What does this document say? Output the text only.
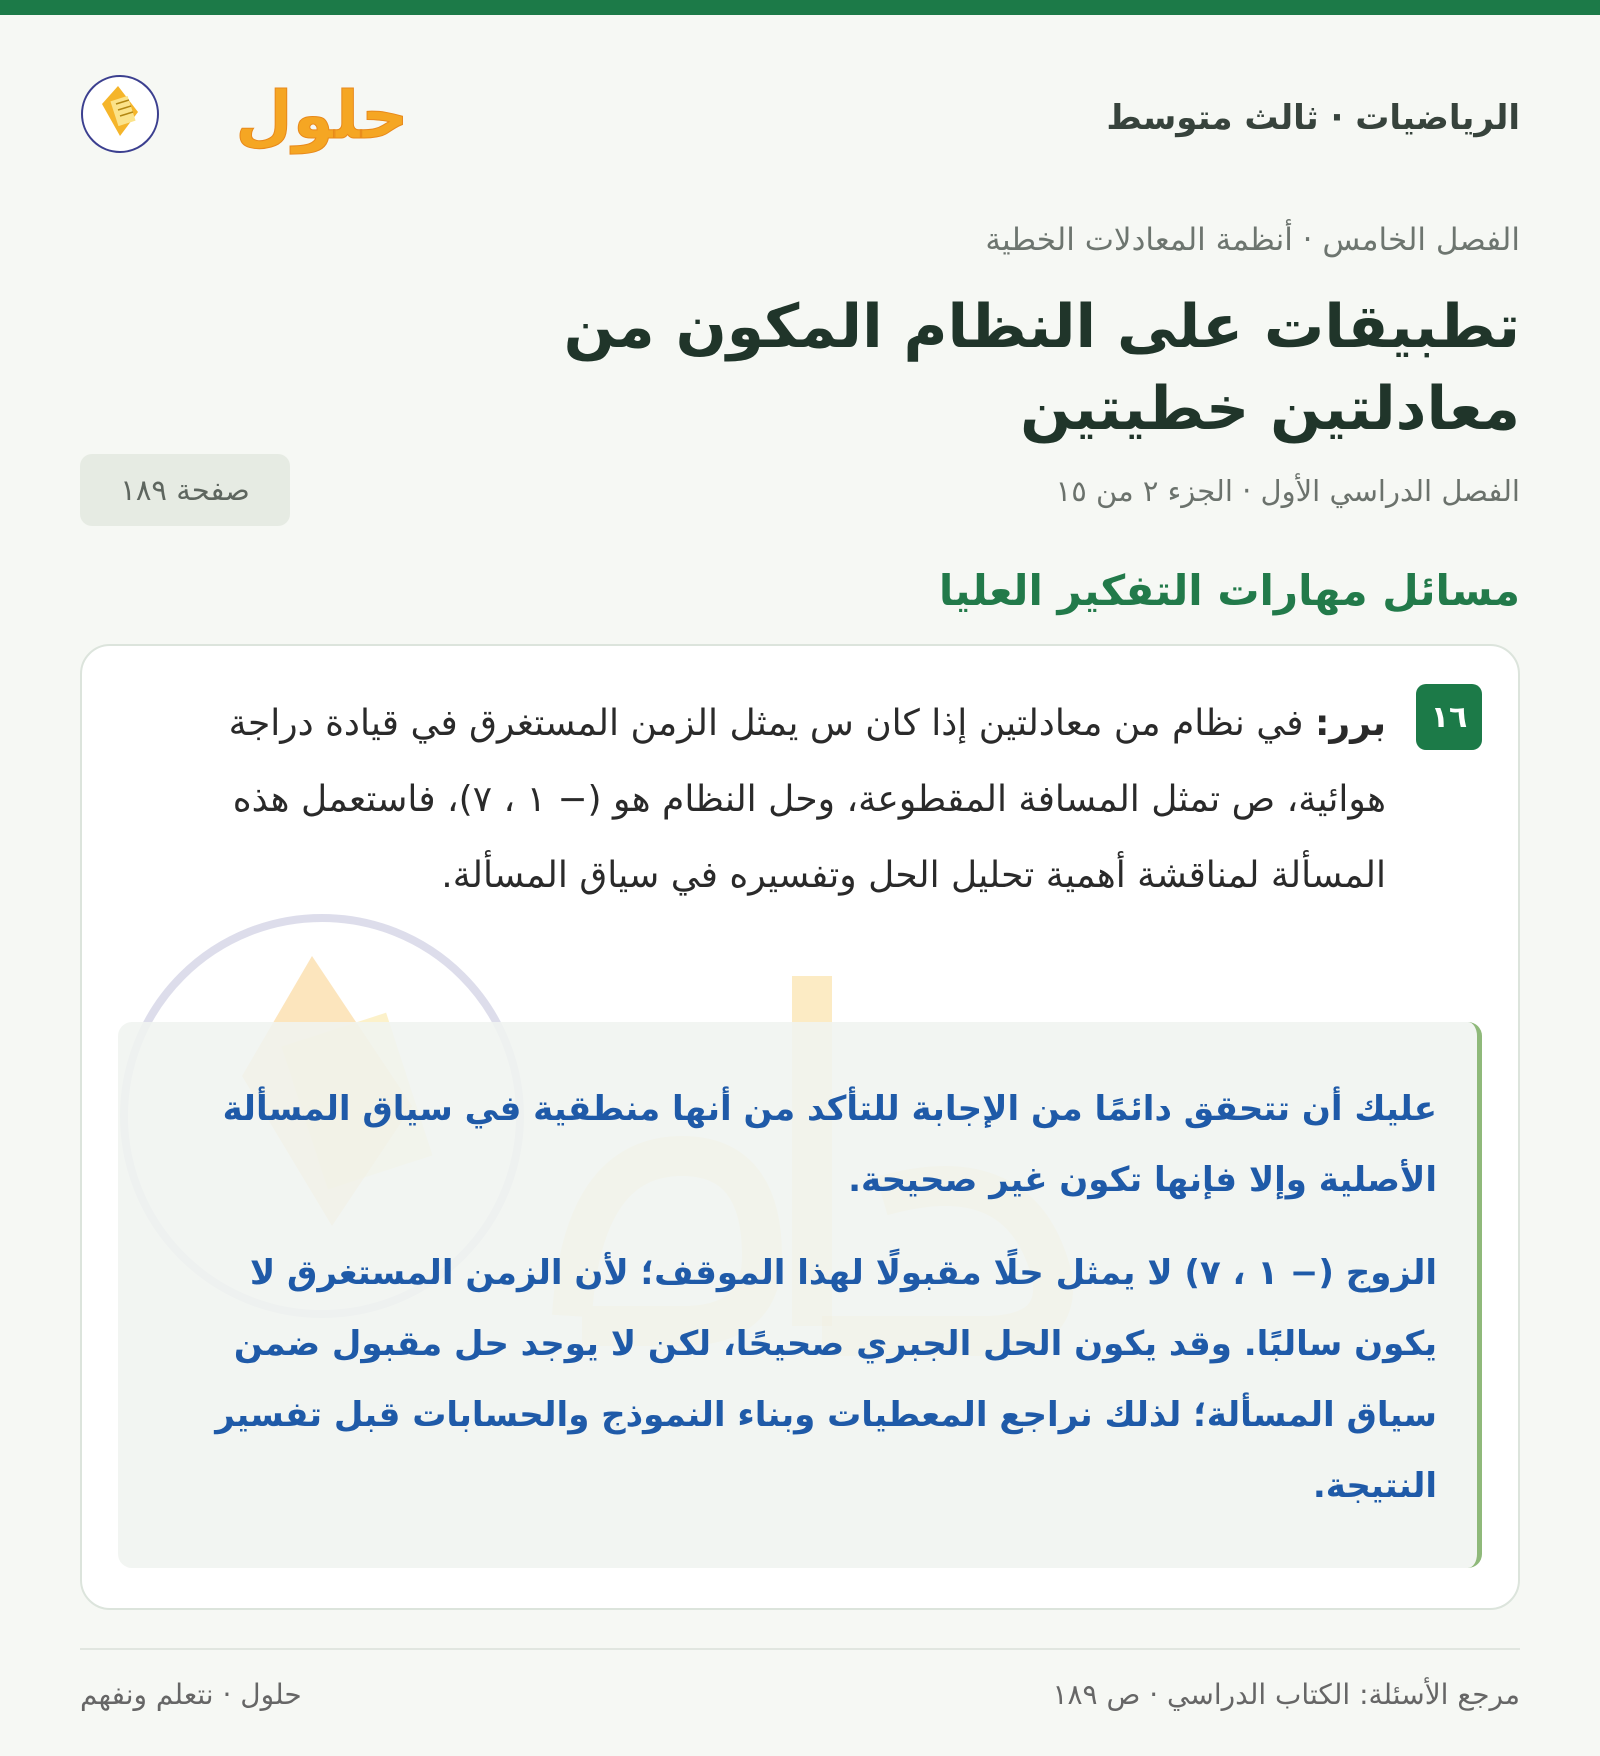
الرياضيات · ثالث متوسط
حلول
الفصل الخامس · أنظمة المعادلات الخطية
تطبيقات على النظام المكون من معادلتين خطيتين
الفصل الدراسي الأول · الجزء ٢ من ١٥
صفحة ١٨٩
مسائل مهارات التفكير العليا
١٦

برر: في نظام من معادلتين إذا كان س يمثل الزمن المستغرق في قيادة دراجة هوائية، ص تمثل المسافة المقطوعة، وحل النظام هو (− ١ ، ٧)، فاستعمل هذه المسألة لمناقشة أهمية تحليل الحل وتفسيره في سياق المسألة.

عليك أن تتحقق دائمًا من الإجابة للتأكد من أنها منطقية في سياق المسألة الأصلية وإلا فإنها تكون غير صحيحة.

الزوج (− ١ ، ٧) لا يمثل حلًا مقبولًا لهذا الموقف؛ لأن الزمن المستغرق لا يكون سالبًا. وقد يكون الحل الجبري صحيحًا، لكن لا يوجد حل مقبول ضمن سياق المسألة؛ لذلك نراجع المعطيات وبناء النموذج والحسابات قبل تفسير النتيجة.

مرجع الأسئلة: الكتاب الدراسي · ص ١٨٩
حلول · نتعلم ونفهم
